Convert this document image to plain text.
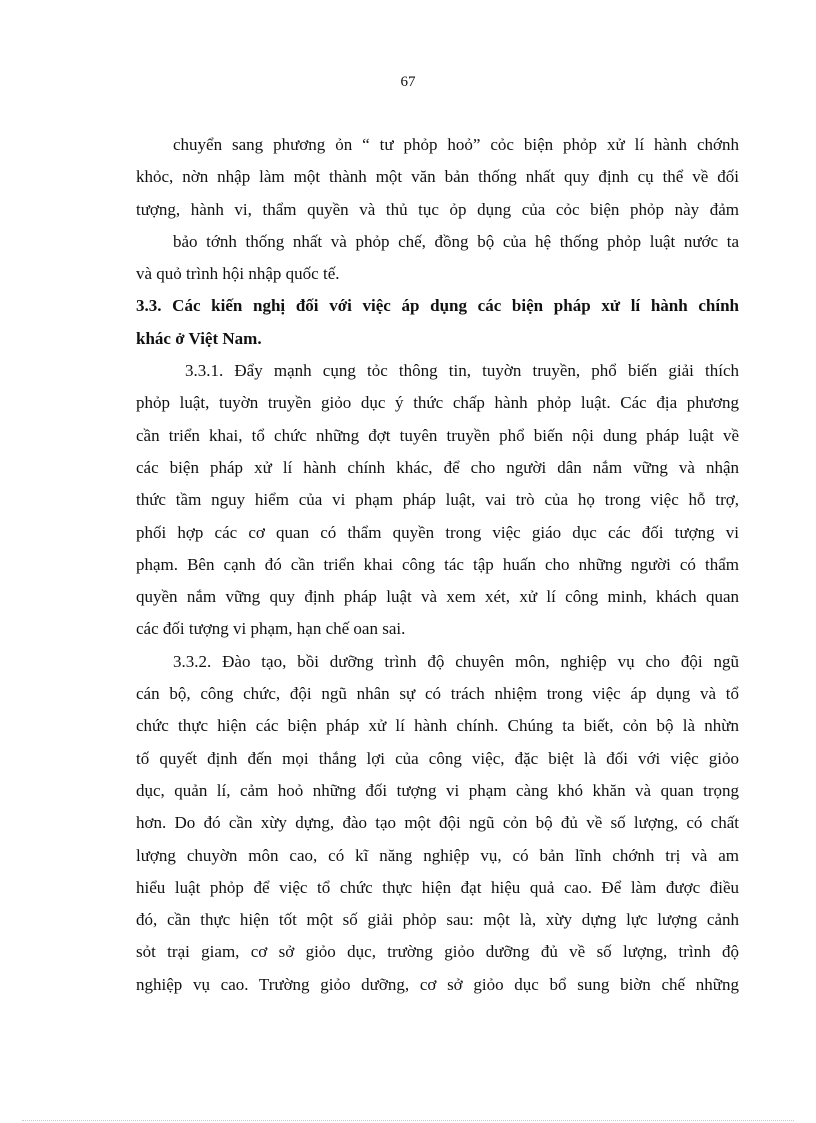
67
chuyển sang phương ỏn “ tư phỏp hoỏ” cỏc biện phỏp xử lí hành chớnh
khỏc, nờn nhập làm một thành một văn bản thống nhất quy định cụ thể về đối
tượng, hành vi, thẩm quyền và thủ tục ỏp dụng của cỏc biện phỏp này đảm
bảo tớnh thống nhất và phỏp chế, đồng bộ của hệ thống phỏp luật nước ta
và quỏ trình hội nhập quốc tế.
3.3. Các kiến nghị đối với việc áp dụng các biện pháp xử lí hành chính
khác ở Việt Nam.
3.3.1. Đẩy mạnh cụng tỏc thông tin, tuyờn truyền, phổ biến giải thích
phỏp luật, tuyờn truyền giỏo dục ý thức chấp hành phỏp luật. Các địa phương
cần triển khai, tổ chức những đợt tuyên truyền phổ biến nội dung pháp luật về
các biện pháp xử lí hành chính khác, để cho người dân nắm vững và nhận
thức tầm nguy hiểm của vi phạm pháp luật, vai trò của họ trong việc hỗ trợ,
phối hợp các cơ quan có thẩm quyền trong việc giáo dục các đối tượng vi
phạm. Bên cạnh đó cần triển khai công tác tập huấn cho những người có thẩm
quyền nắm vững quy định pháp luật và xem xét, xử lí công minh, khách quan
các đối tượng vi phạm, hạn chế oan sai.
3.3.2. Đào tạo, bồi dưỡng trình độ chuyên môn, nghiệp vụ cho đội ngũ
cán bộ, công chức, đội ngũ nhân sự có trách nhiệm trong việc áp dụng và tổ
chức thực hiện các biện pháp xử lí hành chính. Chúng ta biết, cỏn bộ là nhừn
tố quyết định đến mọi thắng lợi của công việc, đặc biệt là đối với việc giỏo
dục, quản lí, cảm hoỏ những đối tượng vi phạm càng khó khăn và quan trọng
hơn. Do đó cần xừy dựng, đào tạo một đội ngũ cỏn bộ đủ về số lượng, có chất
lượng chuyờn môn cao, có kĩ năng nghiệp vụ, có bản lĩnh chớnh trị và am
hiểu luật phỏp để việc tổ chức thực hiện đạt hiệu quả cao. Để làm được điều
đó, cần thực hiện tốt một số giải phỏp sau: một là, xừy dựng lực lượng cảnh
sỏt trại giam, cơ sở giỏo dục, trường giỏo dưỡng đủ về số lượng, trình độ
nghiệp vụ cao. Trường giỏo dưỡng, cơ sở giỏo dục bổ sung biờn chế những
